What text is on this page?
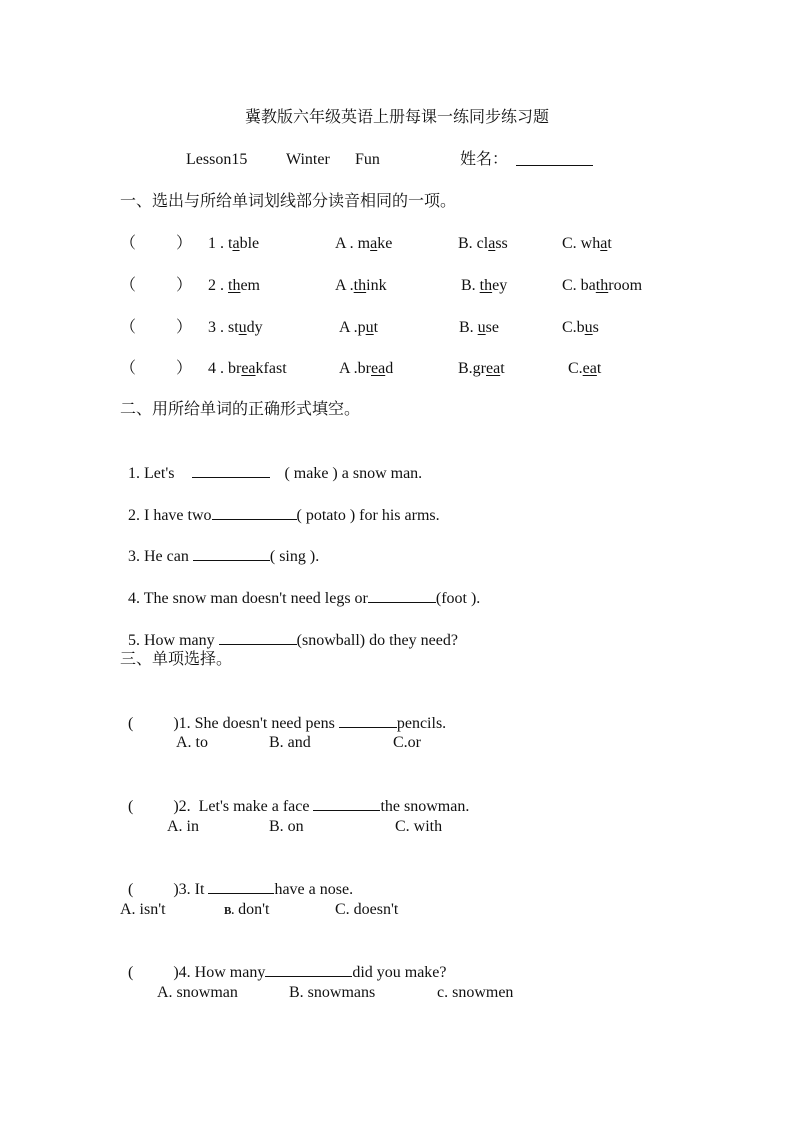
冀教版六年级英语上册每课一练同步练习题
Lesson15 Winter Fun	姓名：
一、选出与所给单词划线部分读音相同的一项。
（          ） 1 . table	A . make	B. class	C. what
（          ） 2 . them	A .think	B. they	C. bathroom
（          ） 3 . study	A .put	B. use	C.bus
（          ） 4 . breakfast	A .bread	B.great	C.eat
二、用所给单词的正确形式填空。

1. Let's	( make ) a snow man.

2. I have two	( potato ) for his arms.

3. He can	( sing ).

4. The snow man doesn't need legs or	(foot ).

5. How many	(snowball) do they need?

三、单项选择。

(          )1. She doesn't need pens	pencils.

A. to	B. and	C.or

(          )2.  Let's make a face	the snowman.

A. in	B. on	C. with

(          )3. It	have a nose.

A. isn't	B. don't	C. doesn't

(          )4. How many	did you make?

A. snowman	B. snowmans	c. snowmen
